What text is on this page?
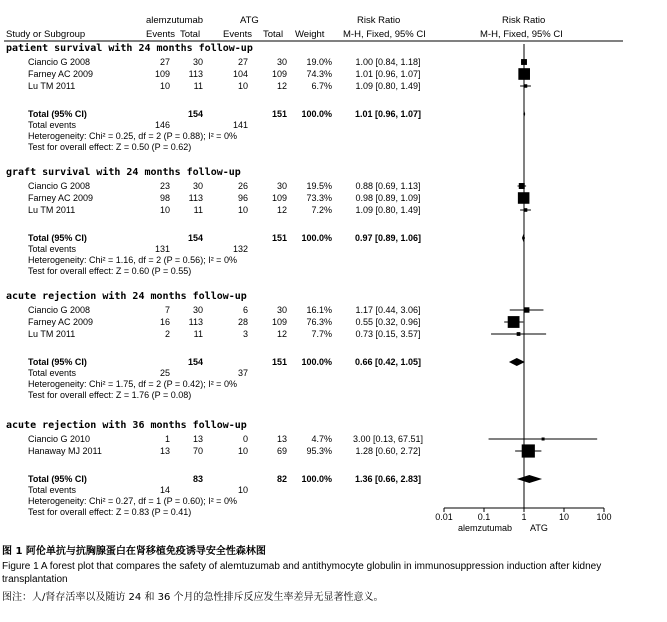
alemzutumab	ATG	Risk Ratio	Risk Ratio
Study or Subgroup	Events Total Events Total Weight M-H, Fixed, 95% CI	M-H, Fixed, 95% CI
patient survival with 24 months follow-up
Ciancio G 2008	27	30	27	30 19.0%	1.00 [0.84, 1.18]
Farney AC 2009	109 113	104	109 74.3%	1.01 [0.96, 1.07]
Lu TM 2011	10	11	10	12	6.7%	1.09 [0.80, 1.49]
Total (95% CI)	154	151 100.0%	1.01 [0.96, 1.07]
Total events	146	141
Heterogeneity: Chi² = 0.25, df = 2 (P = 0.88); I² = 0%
Test for overall effect: Z = 0.50 (P = 0.62)
graft survival with 24 months follow-up
Ciancio G 2008	23	30	26	30 19.5%	0.88 [0.69, 1.13]
Farney AC 2009	98 113	96	109 73.3%	0.98 [0.89, 1.09]
Lu TM 2011	10	11	10	12	7.2%	1.09 [0.80, 1.49]
Total (95% CI)	154	151 100.0%	0.97 [0.89, 1.06]
Total events	131	132
Heterogeneity: Chi² = 1.16, df = 2 (P = 0.56); I² = 0%
Test for overall effect: Z = 0.60 (P = 0.55)
acute rejection with 24 months follow-up
Ciancio G 2008	7	30	6	30 16.1%	1.17 [0.44, 3.06]
Farney AC 2009	16 113	28	109 76.3%	0.55 [0.32, 0.96]
Lu TM 2011	2	11	3	12	7.7%	0.73 [0.15, 3.57]
Total (95% CI)	154	151 100.0%	0.66 [0.42, 1.05]
Total events	25	37
Heterogeneity: Chi² = 1.75, df = 2 (P = 0.42); I² = 0%
Test for overall effect: Z = 1.76 (P = 0.08)
acute rejection with 36 months follow-up
Ciancio G 2010	1	13	0	13	4.7% 3.00 [0.13, 67.51]
Hanaway MJ 2011	13	70	10	69 95.3%	1.28 [0.60, 2.72]
Total (95% CI)	83	82 100.0%	1.36 [0.66, 2.83]
Total events	14	10
Heterogeneity: Chi² = 0.27, df = 1 (P = 0.60); I² = 0%
Test for overall effect: Z = 0.83 (P = 0.41)	0.01	0.1	1	10	100
alemzutumab ATG
图 1 阿伦单抗与抗胸腺蛋白在肾移植免疫诱导安全性森林图
Figure 1 A forest plot that compares the safety of alemtuzumab and antithymocyte globulin in immunosuppression induction after kidney transplantation
图注：人/肾存活率以及随访 24 和 36 个月的急性排斥反应发生率差异无显著性意义。
